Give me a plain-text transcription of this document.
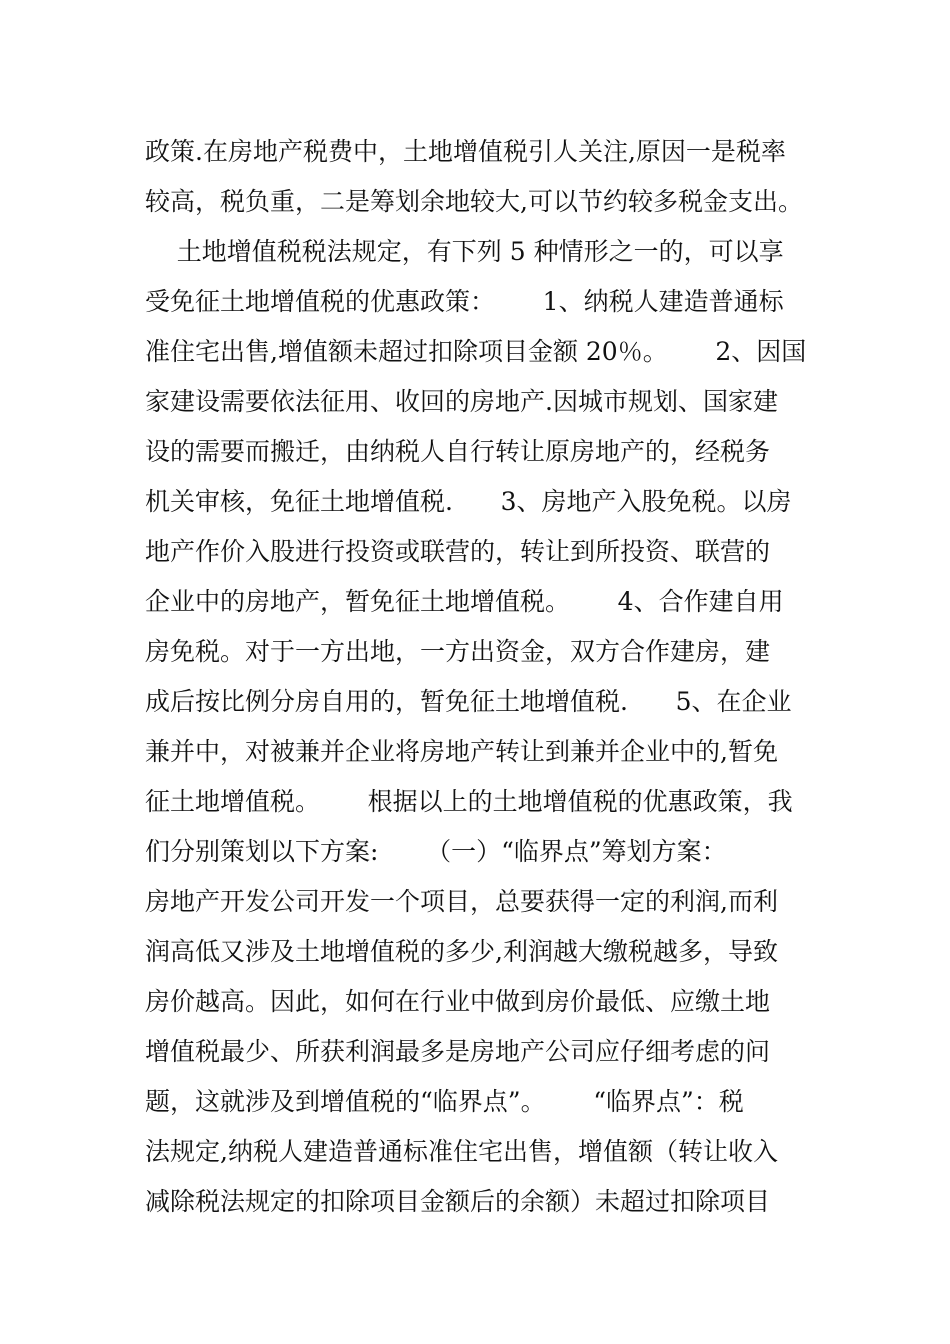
政策.在房地产税费中，土地增值税引人关注,原因一是税率
较高，税负重，二是筹划余地较大,可以节约较多税金支出。
土地增值税税法规定，有下列 5 种情形之一的，可以享
受免征土地增值税的优惠政策：      1、纳税人建造普通标
准住宅出售,增值额未超过扣除项目金额 20％。      2、因国
家建设需要依法征用、收回的房地产.因城市规划、国家建
设的需要而搬迁，由纳税人自行转让原房地产的，经税务
机关审核，免征土地增值税.      3、房地产入股免税。以房
地产作价入股进行投资或联营的，转让到所投资、联营的
企业中的房地产，暂免征土地增值税。      4、合作建自用
房免税。对于一方出地，一方出资金，双方合作建房，建
成后按比例分房自用的，暂免征土地增值税.      5、在企业
兼并中，对被兼并企业将房地产转让到兼并企业中的,暂免
征土地增值税。      根据以上的土地增值税的优惠政策，我
们分别策划以下方案:      （一）“临界点”筹划方案：
房地产开发公司开发一个项目，总要获得一定的利润,而利
润高低又涉及土地增值税的多少,利润越大缴税越多，导致
房价越高。因此，如何在行业中做到房价最低、应缴土地
增值税最少、所获利润最多是房地产公司应仔细考虑的问
题，这就涉及到增值税的“临界点”。      “临界点”：税
法规定,纳税人建造普通标准住宅出售，增值额（转让收入
减除税法规定的扣除项目金额后的余额）未超过扣除项目
